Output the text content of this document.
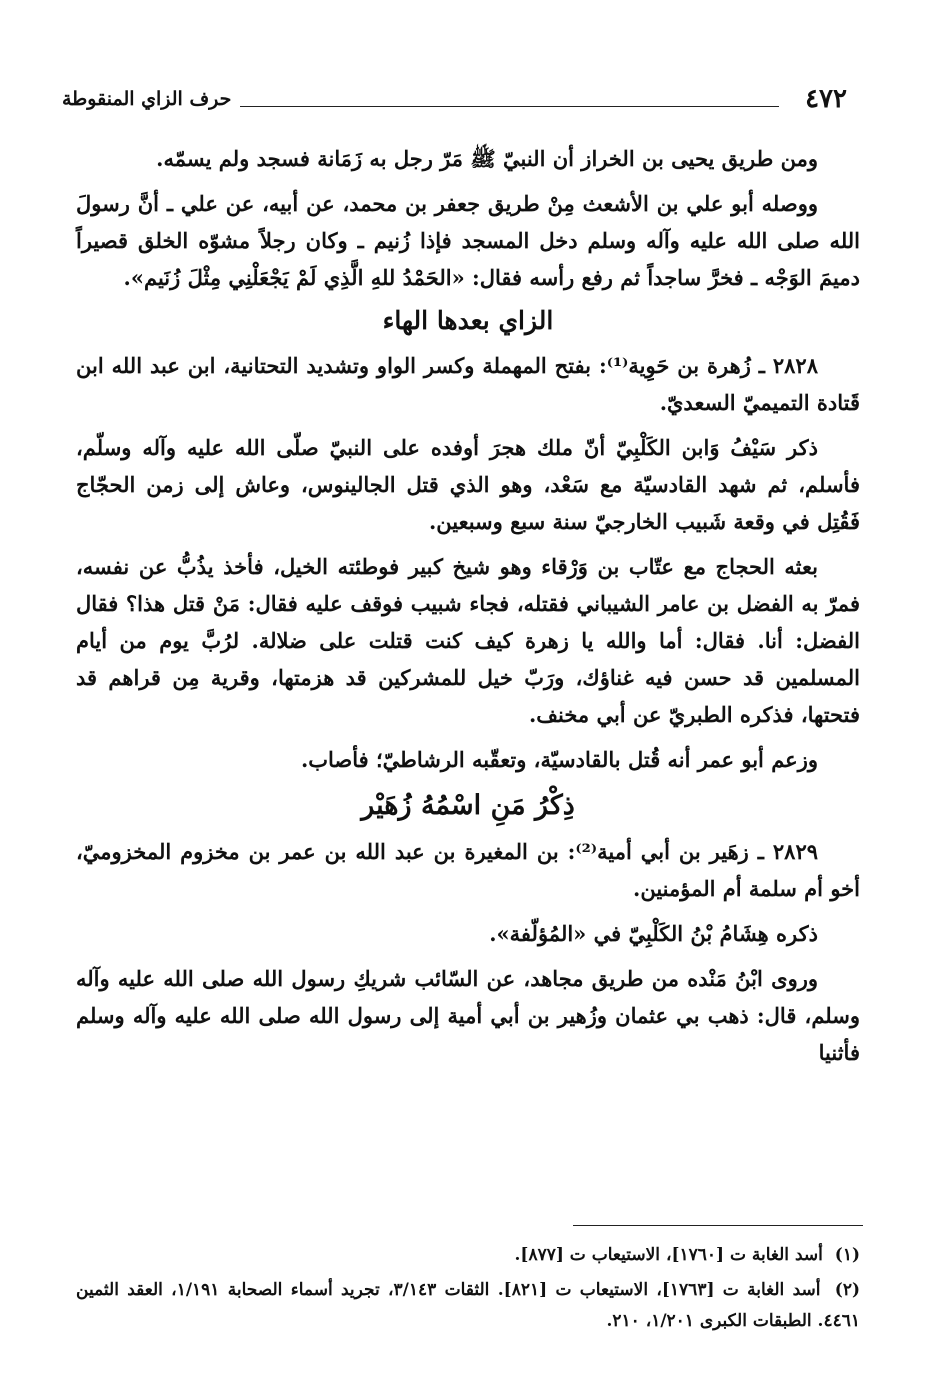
٤٧٢
حرف الزاي المنقوطة

ومن طريق يحيى بن الخراز أن النبيّ ﷺ مَرّ رجل به زَمَانة فسجد ولم يسمّه.

ووصله أبو علي بن الأشعث مِنْ طريق جعفر بن محمد، عن أبيه، عن علي ـ أنَّ رسولَ الله صلى الله عليه وآله وسلم دخل المسجد فإذا زُنيم ـ وكان رجلاً مشوّه الخلق قصيراً دميمَ الوَجْه ـ فخرَّ ساجداً ثم رفع رأسه فقال: «الحَمْدُ للهِ الَّذِي لَمْ يَجْعَلْنِي مِثْلَ زُنَيم».

الزاي بعدها الهاء

٢٨٢٨ ـ زُهرة بن حَوِية⁽¹⁾: بفتح المهملة وكسر الواو وتشديد التحتانية، ابن عبد الله ابن قَتادة التميميّ السعديّ.

ذكر سَيْفُ وَابن الكَلْبِيّ أنّ ملك هجرَ أوفده على النبيّ صلّى الله عليه وآله وسلّم، فأسلم، ثم شهد القادسيّة مع سَعْد، وهو الذي قتل الجالينوس، وعاش إلى زمن الحجّاج فَقُتِل في وقعة شَبيب الخارجيّ سنة سبع وسبعين.

بعثه الحجاج مع عتّاب بن وَرْقاء وهو شيخ كبير فوطئته الخيل، فأخذ يذُبُّ عن نفسه، فمرّ به الفضل بن عامر الشيباني فقتله، فجاء شبيب فوقف عليه فقال: مَنْ قتل هذا؟ فقال الفضل: أنا. فقال: أما والله يا زهرة كيف كنت قتلت على ضلالة. لرُبَّ يوم من أيام المسلمين قد حسن فيه غناؤك، ورَبّ خيل للمشركين قد هزمتها، وقرية مِن قراهم قد فتحتها، فذكره الطبريّ عن أبي مخنف.

وزعم أبو عمر أنه قُتل بالقادسيّة، وتعقّبه الرشاطيّ؛ فأصاب.

ذِكْرُ مَنِ اسْمُهُ زُهَيْر

٢٨٢٩ ـ زهَير بن أبي أمية⁽²⁾: بن المغيرة بن عبد الله بن عمر بن مخزوم المخزوميّ، أخو أم سلمة أم المؤمنين.

ذكره هِشَامُ بْنُ الكَلْبِيّ في «المُؤلّفة».

وروى ابْنُ مَنْده من طريق مجاهد، عن السّائب شريكِ رسول الله صلى الله عليه وآله وسلم، قال: ذهب بي عثمان وزُهير بن أبي أمية إلى رسول الله صلى الله عليه وآله وسلم فأثنيا

(١) أسد الغابة ت [١٧٦٠]، الاستيعاب ت [٨٧٧].

(٢) أسد الغابة ت [١٧٦٣]، الاستيعاب ت [٨٢١]. الثقات ٣/١٤٣، تجريد أسماء الصحابة ١/١٩١، العقد الثمين ٤٤٦١. الطبقات الكبرى ١/٢٠١، ٢١٠.
